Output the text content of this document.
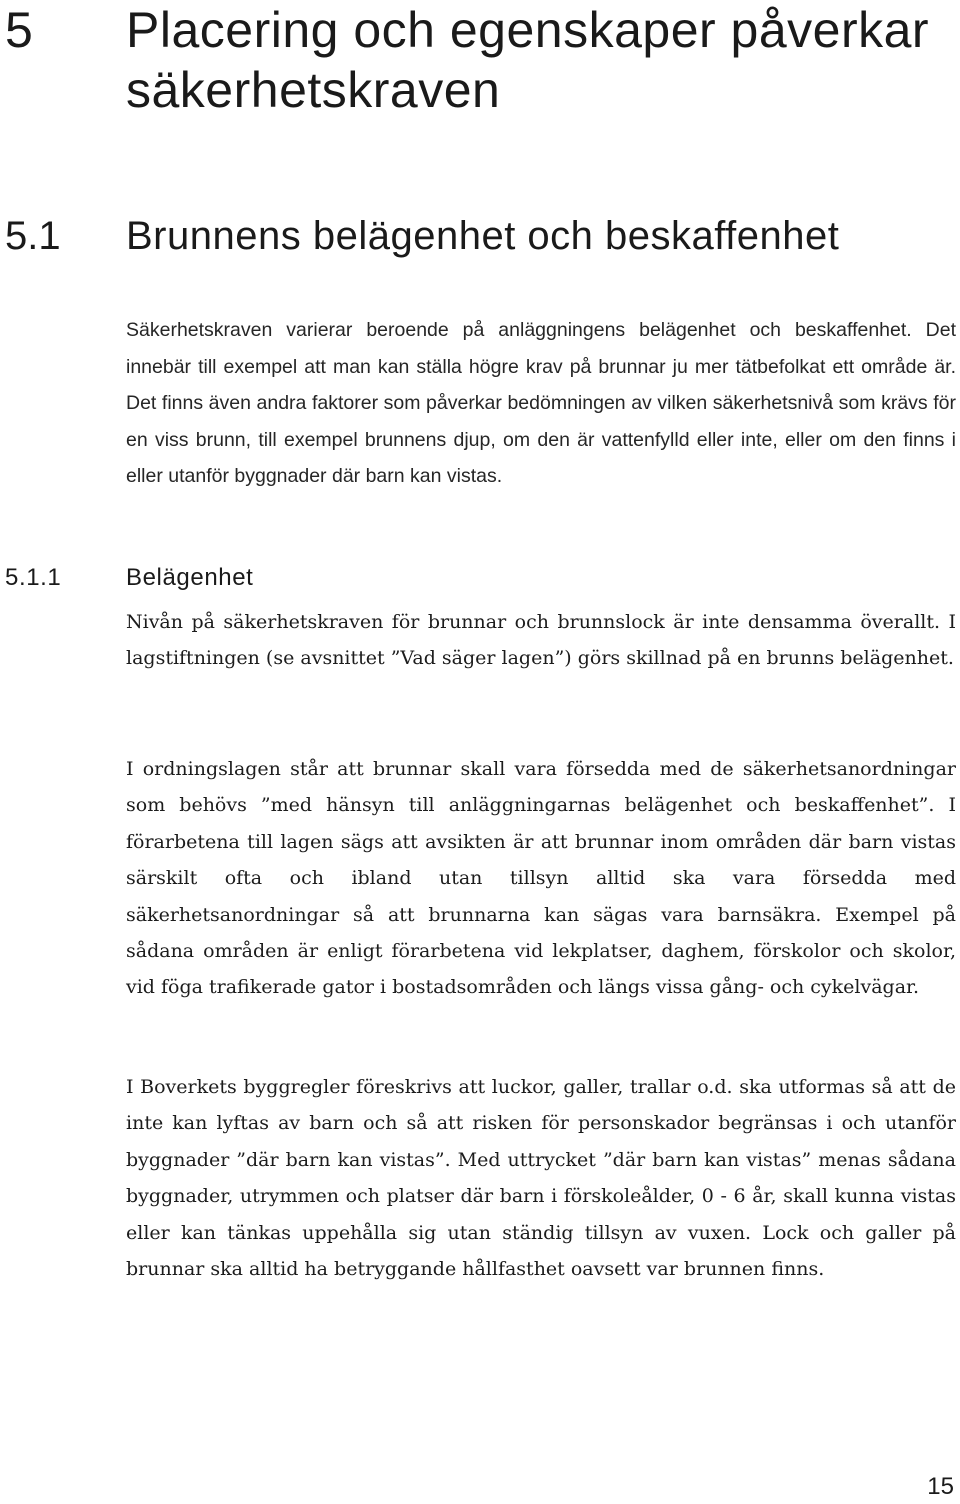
5 Placering och egenskaper påverkar säkerhetskraven
5.1 Brunnens belägenhet och beskaffenhet

Säkerhetskraven varierar beroende på anläggningens belägenhet och beskaffenhet. Det innebär till exempel att man kan ställa högre krav på brunnar ju mer tätbefolkat ett område är. Det finns även andra faktorer som påverkar bedömningen av vilken säkerhetsnivå som krävs för en viss brunn, till exempel brunnens djup, om den är vattenfylld eller inte, eller om den finns i eller utanför byggnader där barn kan vistas.

5.1.1	Belägenhet

Nivån på säkerhetskraven för brunnar och brunnslock är inte densamma överallt. I lagstiftningen (se avsnittet ”Vad säger lagen”) görs skillnad på en brunns belägenhet.

I ordningslagen står att brunnar skall vara försedda med de säkerhetsanordningar som behövs ”med hänsyn till anläggningarnas belägenhet och beskaffenhet”. I förarbetena till lagen sägs att avsikten är att brunnar inom områden där barn vistas särskilt ofta och ibland utan tillsyn alltid ska vara försedda med säkerhetsanordningar så att brunnarna kan sägas vara barnsäkra. Exempel på sådana områden är enligt förarbetena vid lekplatser, daghem, förskolor och skolor, vid föga trafikerade gator i bostadsområden och längs vissa gång- och cykelvägar.

I Boverkets byggregler föreskrivs att luckor, galler, trallar o.d. ska utformas så att de inte kan lyftas av barn och så att risken för personskador begränsas i och utanför byggnader ”där barn kan vistas”. Med uttrycket ”där barn kan vistas” menas sådana byggnader, utrymmen och platser där barn i förskoleålder, 0 - 6 år, skall kunna vistas eller kan tänkas uppehålla sig utan ständig tillsyn av vuxen. Lock och galler på brunnar ska alltid ha betryggande hållfasthet oavsett var brunnen finns.

15
